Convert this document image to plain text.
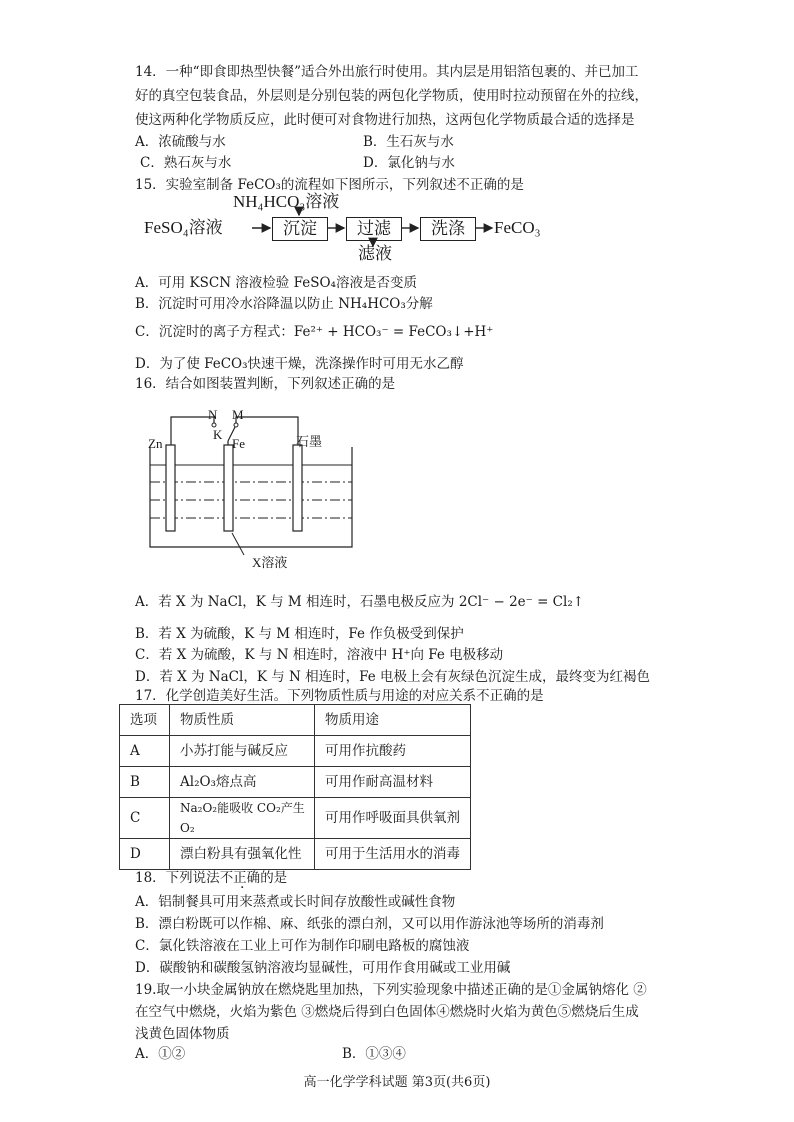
14．一种“即食即热型快餐”适合外出旅行时使用。其内层是用铝箔包裹的、并已加工
好的真空包装食品，外层则是分别包装的两包化学物质，使用时拉动预留在外的拉线，
使这两种化学物质反应，此时便可对食物进行加热，这两包化学物质最合适的选择是
A．浓硫酸与水	B．生石灰与水
C．熟石灰与水	D．氯化钠与水
15．实验室制备 FeCO₃的流程如下图所示，下列叙述不正确的是
NH₄HCO₃溶液
FeSO₄溶液	沉淀	过滤	洗涤	FeCO₃
滤液
A．可用 KSCN 溶液检验 FeSO₄溶液是否变质
B．沉淀时可用冷水浴降温以防止 NH₄HCO₃分解
C．沉淀时的离子方程式：Fe²⁺ + HCO₃⁻ = FeCO₃↓+H⁺
D．为了使 FeCO₃快速干燥，洗涤操作时可用无水乙醇
16．结合如图装置判断，下列叙述正确的是
N M
K
Fe
Zn	石墨
X溶液
A．若 X 为 NaCl，K 与 M 相连时，石墨电极反应为 2Cl⁻ − 2e⁻ = Cl₂↑
B．若 X 为硫酸，K 与 M 相连时，Fe 作负极受到保护
C．若 X 为硫酸，K 与 N 相连时，溶液中 H⁺向 Fe 电极移动
D．若 X 为 NaCl，K 与 N 相连时，Fe 电极上会有灰绿色沉淀生成，最终变为红褐色
17．化学创造美好生活。下列物质性质与用途的对应关系不正确的是
选项	物质性质	物质用途
A	小苏打能与碱反应	可用作抗酸药
B	Al₂O₃熔点高	可用作耐高温材料
C	Na₂O₂能吸收 CO₂产生 O₂	可用作呼吸面具供氧剂
D	漂白粉具有强氧化性	可用于生活用水的消毒
18．下列说法不正确的是
A．铝制餐具可用来蒸煮或长时间存放酸性或碱性食物
B．漂白粉既可以作棉、麻、纸张的漂白剂，又可以用作游泳池等场所的消毒剂
C．氯化铁溶液在工业上可作为制作印刷电路板的腐蚀液
D．碳酸钠和碳酸氢钠溶液均显碱性，可用作食用碱或工业用碱
19.取一小块金属钠放在燃烧匙里加热，下列实验现象中描述正确的是①金属钠熔化 ②
在空气中燃烧，火焰为紫色 ③燃烧后得到白色固体④燃烧时火焰为黄色⑤燃烧后生成
浅黄色固体物质
A．①②	B．①③④
高一化学学科试题 第3页(共6页)
